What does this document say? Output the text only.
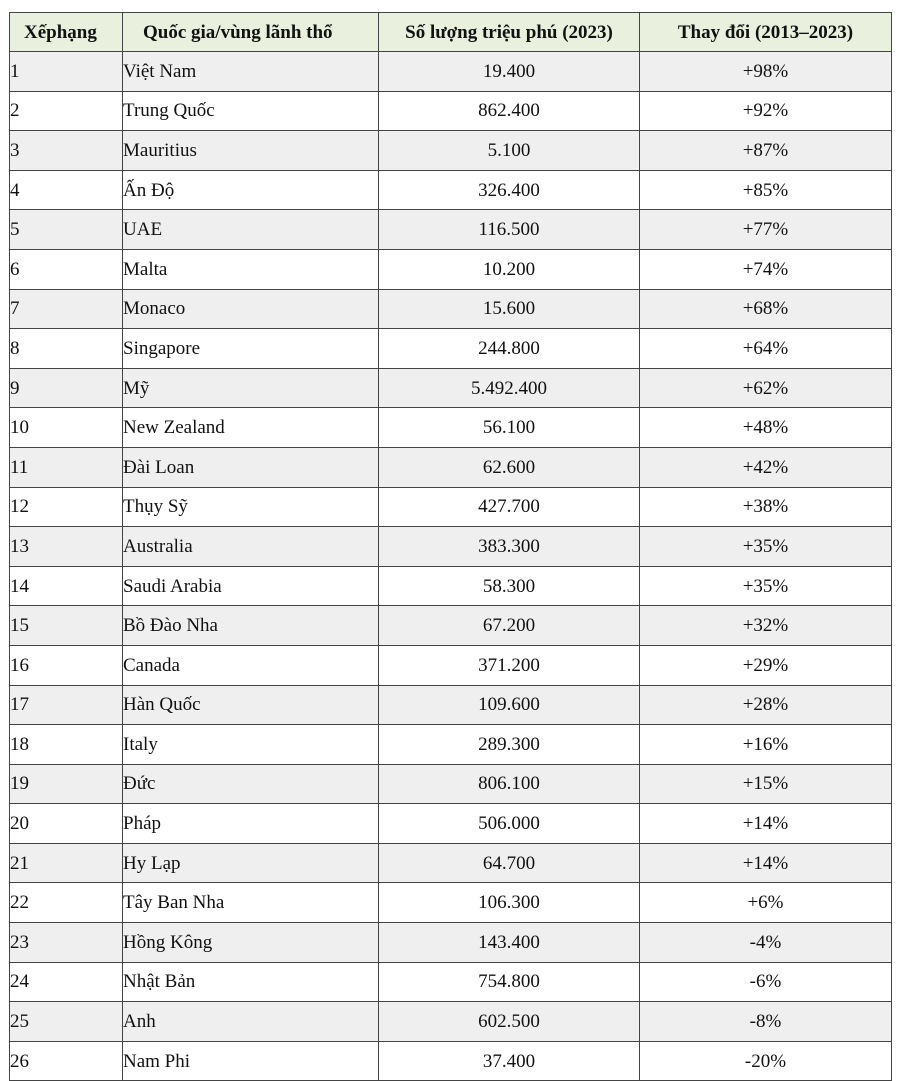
Xếphạng	Quốc gia/vùng lãnh thổ	Số lượng triệu phú (2023)	Thay đổi (2013–2023)
1	Việt Nam	19.400	+98%
2	Trung Quốc	862.400	+92%
3	Mauritius	5.100	+87%
4	Ấn Độ	326.400	+85%
5	UAE	116.500	+77%
6	Malta	10.200	+74%
7	Monaco	15.600	+68%
8	Singapore	244.800	+64%
9	Mỹ	5.492.400	+62%
10	New Zealand	56.100	+48%
11	Đài Loan	62.600	+42%
12	Thụy Sỹ	427.700	+38%
13	Australia	383.300	+35%
14	Saudi Arabia	58.300	+35%
15	Bồ Đào Nha	67.200	+32%
16	Canada	371.200	+29%
17	Hàn Quốc	109.600	+28%
18	Italy	289.300	+16%
19	Đức	806.100	+15%
20	Pháp	506.000	+14%
21	Hy Lạp	64.700	+14%
22	Tây Ban Nha	106.300	+6%
23	Hồng Kông	143.400	-4%
24	Nhật Bản	754.800	-6%
25	Anh	602.500	-8%
26	Nam Phi	37.400	-20%
